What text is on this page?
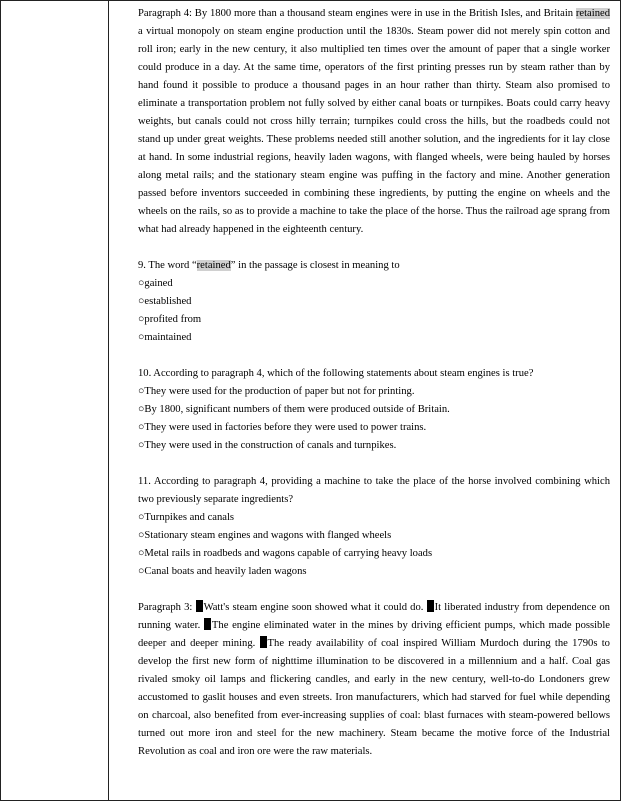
Paragraph 4: By 1800 more than a thousand steam engines were in use in the British Isles, and Britain retained a virtual monopoly on steam engine production until the 1830s. Steam power did not merely spin cotton and roll iron; early in the new century, it also multiplied ten times over the amount of paper that a single worker could produce in a day. At the same time, operators of the first printing presses run by steam rather than by hand found it possible to produce a thousand pages in an hour rather than thirty. Steam also promised to eliminate a transportation problem not fully solved by either canal boats or turnpikes. Boats could carry heavy weights, but canals could not cross hilly terrain; turnpikes could cross the hills, but the roadbeds could not stand up under great weights. These problems needed still another solution, and the ingredients for it lay close at hand. In some industrial regions, heavily laden wagons, with flanged wheels, were being hauled by horses along metal rails; and the stationary steam engine was puffing in the factory and mine. Another generation passed before inventors succeeded in combining these ingredients, by putting the engine on wheels and the wheels on the rails, so as to provide a machine to take the place of the horse. Thus the railroad age sprang from what had already happened in the eighteenth century.

9. The word “retained” in the passage is closest in meaning to

○gained

○established

○profited from

○maintained

10. According to paragraph 4, which of the following statements about steam engines is true?

○They were used for the production of paper but not for printing.

○By 1800, significant numbers of them were produced outside of Britain.

○They were used in factories before they were used to power trains.

○They were used in the construction of canals and turnpikes.

11. According to paragraph 4, providing a machine to take the place of the horse involved combining which two previously separate ingredients?

○Turnpikes and canals

○Stationary steam engines and wagons with flanged wheels

○Metal rails in roadbeds and wagons capable of carrying heavy loads

○Canal boats and heavily laden wagons

Paragraph 3: Watt's steam engine soon showed what it could do. It liberated industry from dependence on running water. The engine eliminated water in the mines by driving efficient pumps, which made possible deeper and deeper mining. The ready availability of coal inspired William Murdoch during the 1790s to develop the first new form of nighttime illumination to be discovered in a millennium and a half. Coal gas rivaled smoky oil lamps and flickering candles, and early in the new century, well-to-do Londoners grew accustomed to gaslit houses and even streets. Iron manufacturers, which had starved for fuel while depending on charcoal, also benefited from ever-increasing supplies of coal: blast furnaces with steam-powered bellows turned out more iron and steel for the new machinery. Steam became the motive force of the Industrial Revolution as coal and iron ore were the raw materials.
